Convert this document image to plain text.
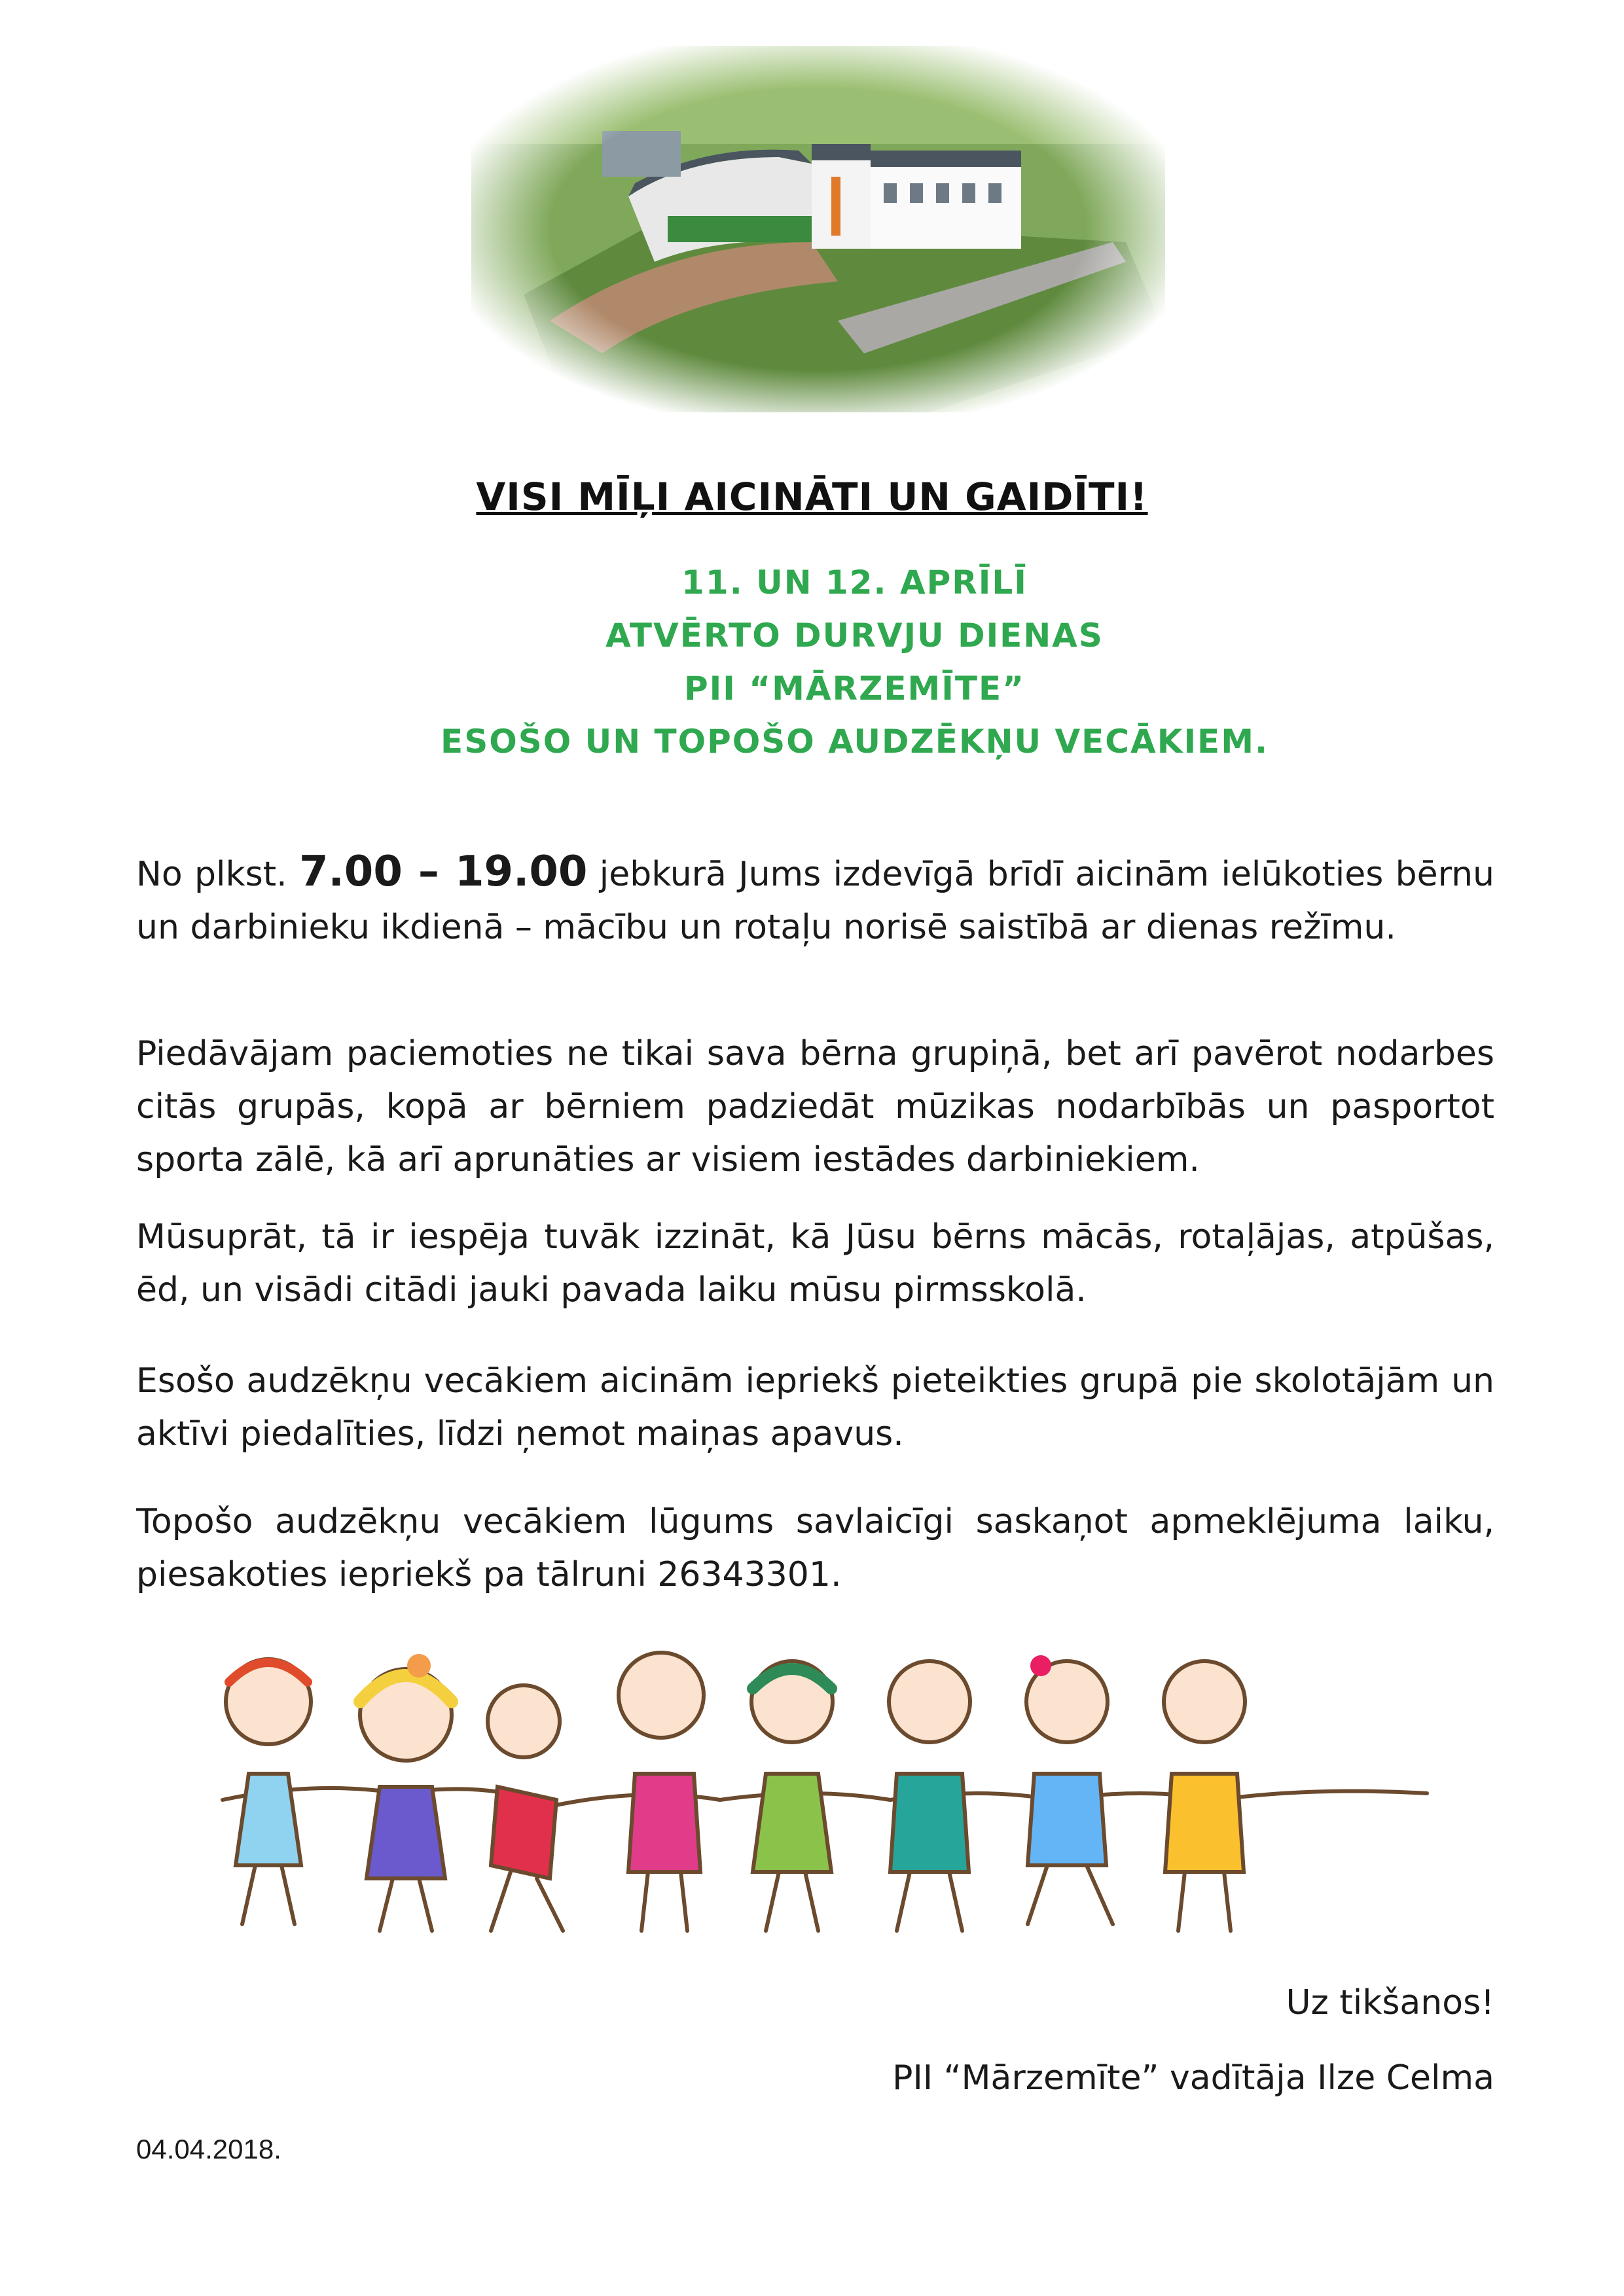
VISI MĪĻI AICINĀTI UN GAIDĪTI!
11. UN 12. APRĪLĪ
ATVĒRTO DURVJU DIENAS
PII “MĀRZEMĪTE”
ESOŠO UN TOPOŠO AUDZĒKŅU VECĀKIEM.
No plkst. 7.00 – 19.00 jebkurā Jums izdevīgā brīdī aicinām ielūkoties bērnu un darbinieku ikdienā – mācību un rotaļu norisē saistībā ar dienas režīmu.
Piedāvājam paciemoties ne tikai sava bērna grupiņā, bet arī pavērot nodarbes citās grupās, kopā ar bērniem padziedāt mūzikas nodarbībās un pasportot sporta zālē, kā arī aprunāties ar visiem iestādes darbiniekiem.
Mūsuprāt, tā ir iespēja tuvāk izzināt, kā Jūsu bērns mācās, rotaļājas, atpūšas, ēd, un visādi citādi jauki pavada laiku mūsu pirmsskolā.
Esošo audzēkņu vecākiem aicinām iepriekš pieteikties grupā pie skolotājām un aktīvi piedalīties, līdzi ņemot maiņas apavus.
Topošo audzēkņu vecākiem lūgums savlaicīgi saskaņot apmeklējuma laiku, piesakoties iepriekš pa tālruni 26343301.
Uz tikšanos!
PII “Mārzemīte” vadītāja Ilze Celma
04.04.2018.
